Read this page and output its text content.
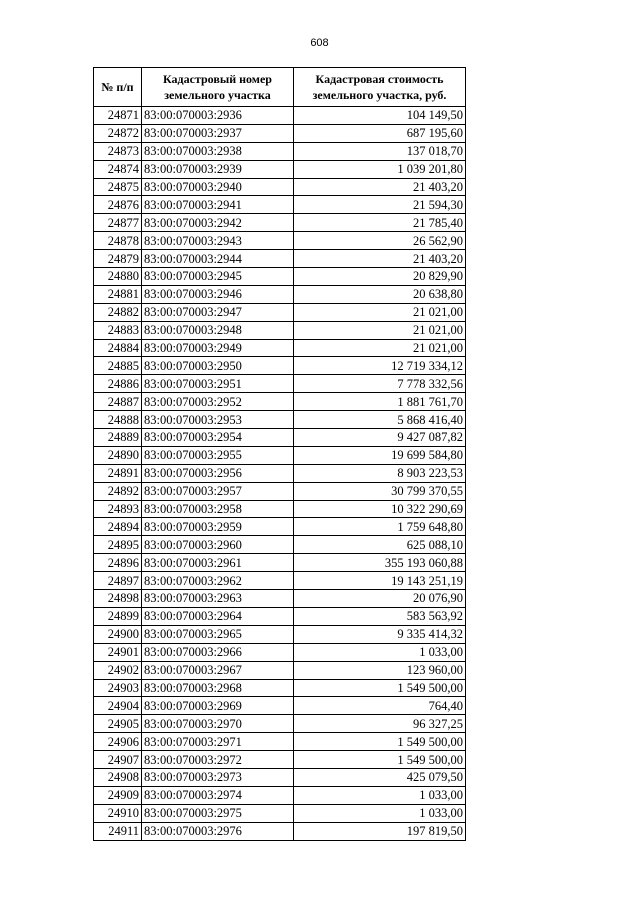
608
№ п/п	Кадастровый номер земельного участка	Кадастровая стоимость земельного участка, руб.
24871	83:00:070003:2936	104 149,50
24872	83:00:070003:2937	687 195,60
24873	83:00:070003:2938	137 018,70
24874	83:00:070003:2939	1 039 201,80
24875	83:00:070003:2940	21 403,20
24876	83:00:070003:2941	21 594,30
24877	83:00:070003:2942	21 785,40
24878	83:00:070003:2943	26 562,90
24879	83:00:070003:2944	21 403,20
24880	83:00:070003:2945	20 829,90
24881	83:00:070003:2946	20 638,80
24882	83:00:070003:2947	21 021,00
24883	83:00:070003:2948	21 021,00
24884	83:00:070003:2949	21 021,00
24885	83:00:070003:2950	12 719 334,12
24886	83:00:070003:2951	7 778 332,56
24887	83:00:070003:2952	1 881 761,70
24888	83:00:070003:2953	5 868 416,40
24889	83:00:070003:2954	9 427 087,82
24890	83:00:070003:2955	19 699 584,80
24891	83:00:070003:2956	8 903 223,53
24892	83:00:070003:2957	30 799 370,55
24893	83:00:070003:2958	10 322 290,69
24894	83:00:070003:2959	1 759 648,80
24895	83:00:070003:2960	625 088,10
24896	83:00:070003:2961	355 193 060,88
24897	83:00:070003:2962	19 143 251,19
24898	83:00:070003:2963	20 076,90
24899	83:00:070003:2964	583 563,92
24900	83:00:070003:2965	9 335 414,32
24901	83:00:070003:2966	1 033,00
24902	83:00:070003:2967	123 960,00
24903	83:00:070003:2968	1 549 500,00
24904	83:00:070003:2969	764,40
24905	83:00:070003:2970	96 327,25
24906	83:00:070003:2971	1 549 500,00
24907	83:00:070003:2972	1 549 500,00
24908	83:00:070003:2973	425 079,50
24909	83:00:070003:2974	1 033,00
24910	83:00:070003:2975	1 033,00
24911	83:00:070003:2976	197 819,50
